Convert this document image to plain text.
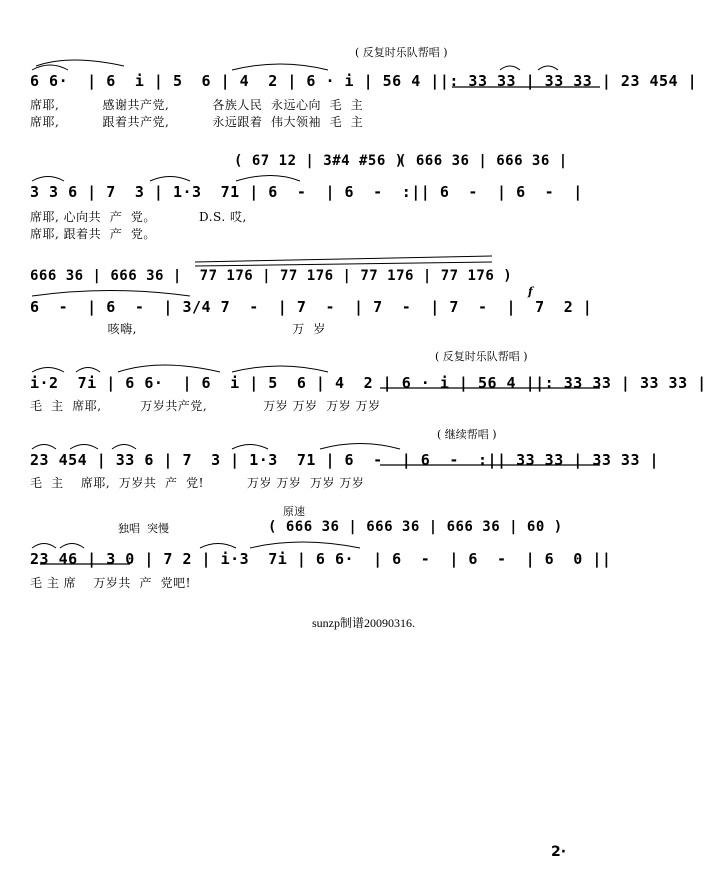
( 反复时乐队帮唱 )
6 6·  | 6  i | 5  6 | 4  2 | 6 · i | 56 4 ||: 33 33 | 33 33 | 23 454 |
席耶,          感谢共产党,          各族人民  永远心向  毛  主
席耶,          跟着共产党,          永远跟着  伟大领袖  毛  主
( 67 12 | 3#4 #56 )
( 666 36 | 666 36 |
3 3 6 | 7  3 | 1·3  71 | 6  -  | 6  -  :|| 6  -  | 6  -  |
席耶, 心向共  产  党。          D.S. 哎,
席耶, 跟着共  产  党。
666 36 | 666 36 |  77 176 | 77 176 | 77 176 | 77 176 )
f
6  -  | 6  -  | 3/4 7  -  | 7  -  | 7  -  | 7  -  |  7  2 |
咳嗨,                                    万  岁
( 反复时乐队帮唱 )
i·2  7i | 6 6·  | 6  i | 5  6 | 4  2 | 6 · i | 56 4 ||: 33 33 | 33 33 |
毛  主  席耶,         万岁共产党,             万岁 万岁  万岁 万岁
( 继续帮唱 )
23 454 | 33 6 | 7  3 | 1·3  71 | 6  -  | 6  -  :|| 33 33 | 33 33 |
毛  主    席耶,  万岁共  产  党!          万岁 万岁  万岁 万岁
原速
独唱  突慢	( 666 36 | 666 36 | 666 36 | 60 )
23 46 | 3 0 | 7 2 | i·3  7i | 6 6·  | 6  -  | 6  -  | 6  0 ||
毛 主 席    万岁共  产  党吧!
sunzp制谱20090316.
2·
